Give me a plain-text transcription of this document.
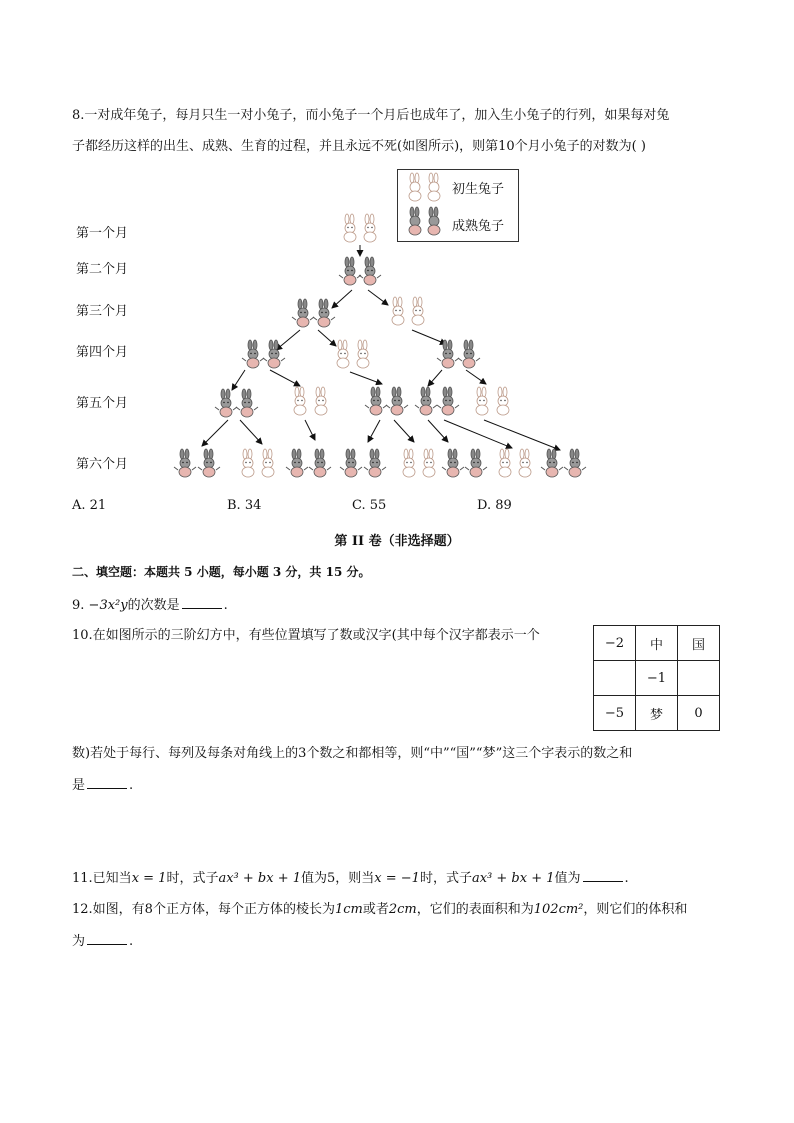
8.一对成年兔子，每月只生一对小兔子，而小兔子一个月后也成年了，加入生小兔子的行列，如果每对兔
子都经历这样的出生、成熟、生育的过程，并且永远不死(如图所示)，则第10个月小兔子的对数为( )
初生兔子
成熟兔子
第一个月
第二个月
第三个月
第四个月
第五个月
第六个月
A. 21	B. 34	C. 55	D. 89
第 II 卷（非选择题）
二、填空题：本题共 5 小题，每小题 3 分，共 15 分。
9. −3x²y的次数是	.
10.在如图所示的三阶幻方中，有些位置填写了数或汉字(其中每个汉字都表示一个	−2	中	国
	−1	
−5	梦	0
数)若处于每行、每列及每条对角线上的3个数之和都相等，则“中”“国”“梦”这三个字表示的数之和
是	.
11.已知当x = 1时，式子ax³ + bx + 1值为5，则当x = −1时，式子ax³ + bx + 1值为	.
12.如图，有8个正方体，每个正方体的棱长为1cm或者2cm，它们的表面积和为102cm²，则它们的体积和
为	.
